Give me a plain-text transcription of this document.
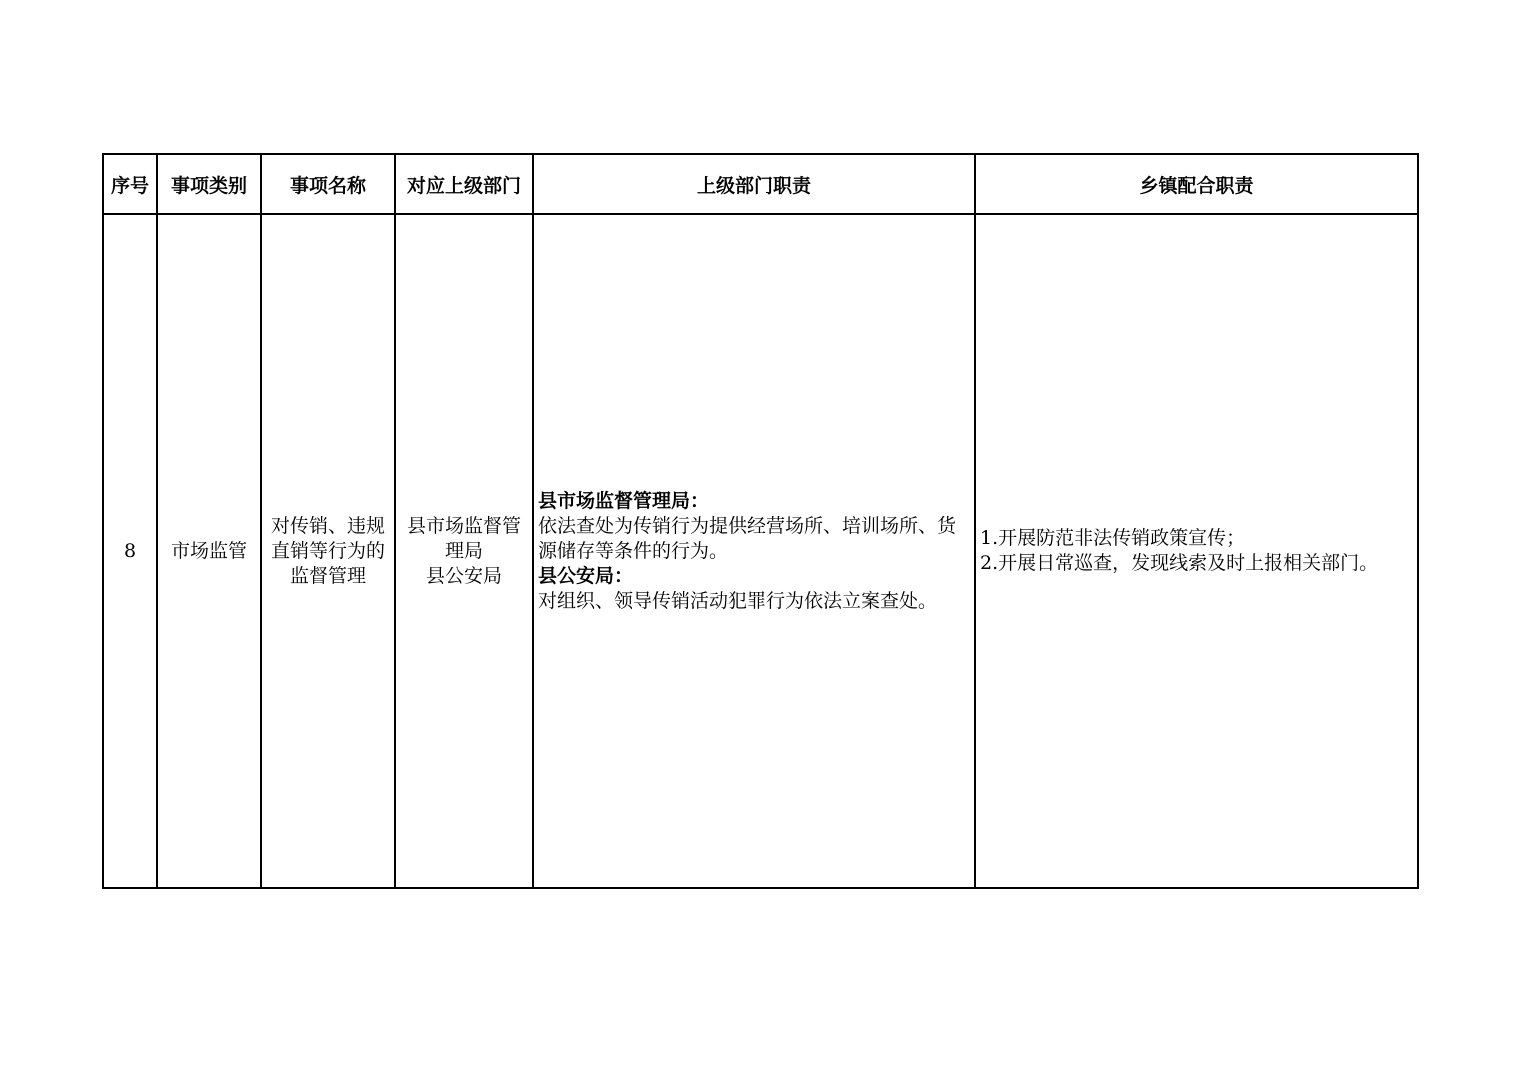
序号	事项类别	事项名称	对应上级部门	上级部门职责	乡镇配合职责

8	市场监管	对传销、违规直销等行为的监督管理	县市场监督管
理局
县公安局	县市场监督管理局：
依法查处为传销行为提供经营场所、培训场所、货源储存等条件的行为。
县公安局：
对组织、领导传销活动犯罪行为依法立案查处。	1.开展防范非法传销政策宣传；
2.开展日常巡查，发现线索及时上报相关部门。
